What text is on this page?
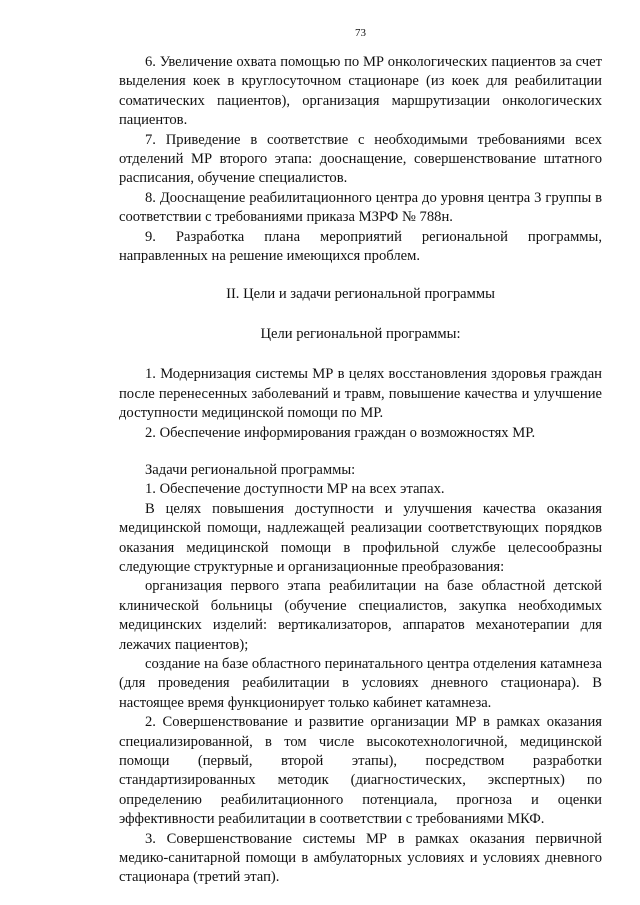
73

6. Увеличение охвата помощью по МР онкологических пациентов за счет выделения коек в круглосуточном стационаре (из коек для реабилитации соматических пациентов), организация маршрутизации онкологических пациентов.

7. Приведение в соответствие с необходимыми требованиями всех отделений МР второго этапа: дооснащение, совершенствование штатного расписания, обучение специалистов.

8. Дооснащение реабилитационного центра до уровня центра 3 группы в соответствии с требованиями приказа МЗРФ № 788н.

9. Разработка плана мероприятий региональной программы, направленных на решение имеющихся проблем.

II. Цели и задачи региональной программы

Цели региональной программы:

1. Модернизация системы МР в целях восстановления здоровья граждан после перенесенных заболеваний и травм, повышение качества и улучшение доступности медицинской помощи по МР.

2. Обеспечение информирования граждан о возможностях МР.

Задачи региональной программы:

1. Обеспечение доступности МР на всех этапах.

В целях повышения доступности и улучшения качества оказания медицинской помощи, надлежащей реализации соответствующих порядков оказания медицинской помощи в профильной службе целесообразны следующие структурные и организационные преобразования:

организация первого этапа реабилитации на базе областной детской клинической больницы (обучение специалистов, закупка необходимых медицинских изделий: вертикализаторов, аппаратов механотерапии для лежачих пациентов);

создание на базе областного перинатального центра отделения катамнеза (для проведения реабилитации в условиях дневного стационара). В настоящее время функционирует только кабинет катамнеза.

2. Совершенствование и развитие организации МР в рамках оказания специализированной, в том числе высокотехнологичной, медицинской помощи (первый, второй этапы), посредством разработки стандартизированных методик (диагностических, экспертных) по определению реабилитационного потенциала, прогноза и оценки эффективности реабилитации в соответствии с требованиями МКФ.

3. Совершенствование системы МР в рамках оказания первичной медико-санитарной помощи в амбулаторных условиях и условиях дневного стационара (третий этап).
